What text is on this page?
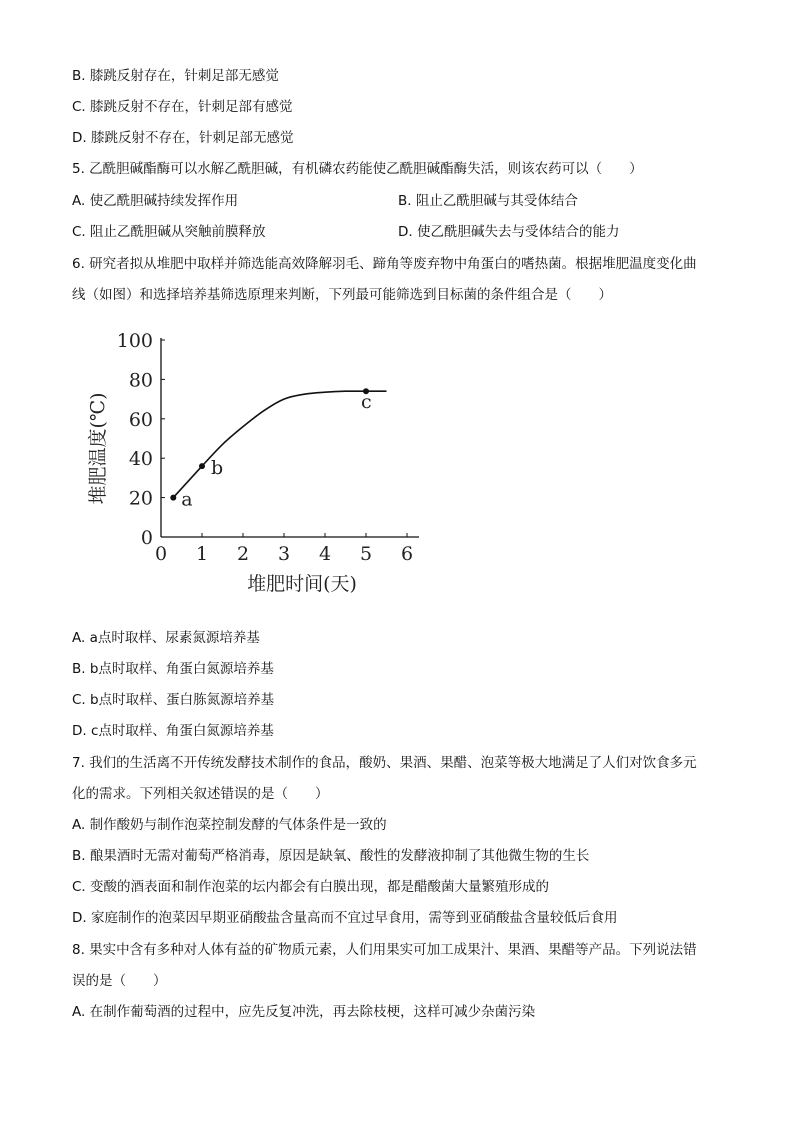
B. 膝跳反射存在，针刺足部无感觉
C. 膝跳反射不存在，针刺足部有感觉
D. 膝跳反射不存在，针刺足部无感觉
5. 乙酰胆碱酯酶可以水解乙酰胆碱，有机磷农药能使乙酰胆碱酯酶失活，则该农药可以（　　）
A. 使乙酰胆碱持续发挥作用	B. 阻止乙酰胆碱与其受体结合
C. 阻止乙酰胆碱从突触前膜释放	D. 使乙酰胆碱失去与受体结合的能力
6. 研究者拟从堆肥中取样并筛选能高效降解羽毛、蹄角等废弃物中角蛋白的嗜热菌。根据堆肥温度变化曲
线（如图）和选择培养基筛选原理来判断，下列最可能筛选到目标菌的条件组合是（　　）
0 1 2 3 4 5 6
0
20
40
60
80
100
a
b
c
堆肥时间(天)
堆肥温度(℃)
A. a点时取样、尿素氮源培养基
B. b点时取样、角蛋白氮源培养基
C. b点时取样、蛋白胨氮源培养基
D. c点时取样、角蛋白氮源培养基
7. 我们的生活离不开传统发酵技术制作的食品，酸奶、果酒、果醋、泡菜等极大地满足了人们对饮食多元
化的需求。下列相关叙述错误的是（　　）
A. 制作酸奶与制作泡菜控制发酵的气体条件是一致的
B. 酿果酒时无需对葡萄严格消毒，原因是缺氧、酸性的发酵液抑制了其他微生物的生长
C. 变酸的酒表面和制作泡菜的坛内都会有白膜出现，都是醋酸菌大量繁殖形成的
D. 家庭制作的泡菜因早期亚硝酸盐含量高而不宜过早食用，需等到亚硝酸盐含量较低后食用
8. 果实中含有多种对人体有益的矿物质元素，人们用果实可加工成果汁、果酒、果醋等产品。下列说法错
误的是（　　）
A. 在制作葡萄酒的过程中，应先反复冲洗，再去除枝梗，这样可减少杂菌污染
